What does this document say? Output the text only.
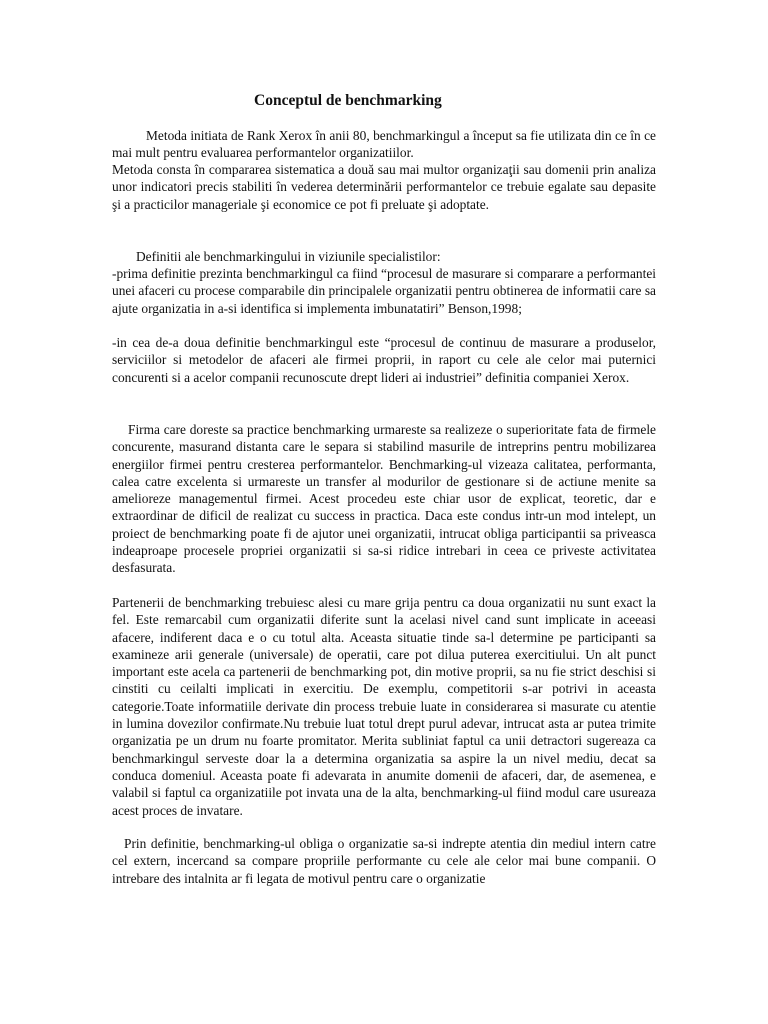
Conceptul de benchmarking

Metoda initiata de Rank Xerox în anii 80, benchmarkingul a început sa fie utilizata din ce în ce mai mult pentru evaluarea performantelor organizatiilor.

Metoda consta în compararea sistematica a două sau mai multor organizaţii sau domenii prin analiza unor indicatori precis stabiliti în vederea determinării performantelor ce trebuie egalate sau depasite şi a practicilor manageriale şi economice ce pot fi preluate şi adoptate.

Definitii ale benchmarkingului in viziunile specialistilor:

-prima definitie prezinta benchmarkingul ca fiind “procesul de masurare si comparare a performantei unei afaceri cu procese comparabile din principalele organizatii pentru obtinerea de informatii care sa ajute organizatia in a-si identifica si implementa imbunatatiri” Benson,1998;

-in cea de-a doua definitie benchmarkingul este “procesul de continuu de masurare a produselor, serviciilor si metodelor de afaceri ale firmei proprii, in raport cu cele ale celor mai puternici concurenti si a acelor companii recunoscute drept lideri ai industriei” definitia companiei Xerox.

Firma care doreste sa practice benchmarking urmareste sa realizeze o superioritate fata de firmele concurente, masurand distanta care le separa si stabilind masurile de intreprins pentru mobilizarea energiilor firmei pentru cresterea performantelor. Benchmarking-ul vizeaza calitatea, performanta, calea catre excelenta si urmareste un transfer al modurilor de gestionare si de actiune menite sa amelioreze managementul firmei. Acest procedeu este chiar usor de explicat, teoretic, dar e extraordinar de dificil de realizat cu success in practica. Daca este condus intr-un mod intelept, un proiect de benchmarking poate fi de ajutor unei organizatii, intrucat obliga participantii sa priveasca indeaproape procesele propriei organizatii si sa-si ridice intrebari in ceea ce priveste activitatea desfasurata.

Partenerii de benchmarking trebuiesc alesi cu mare grija pentru ca doua organizatii nu sunt exact la fel. Este remarcabil cum organizatii diferite sunt la acelasi nivel cand sunt implicate in aceeasi afacere, indiferent daca e o cu totul alta. Aceasta situatie tinde sa-l determine pe participanti sa examineze arii generale (universale) de operatii, care pot dilua puterea exercitiului. Un alt punct important este acela ca partenerii de benchmarking pot, din motive proprii, sa nu fie strict deschisi si cinstiti cu ceilalti implicati in exercitiu. De exemplu, competitorii s-ar potrivi in aceasta categorie.Toate informatiile derivate din process trebuie luate in considerarea si masurate cu atentie in lumina dovezilor confirmate.Nu trebuie luat totul drept purul adevar, intrucat asta ar putea trimite organizatia pe un drum nu foarte promitator. Merita subliniat faptul ca unii detractori sugereaza ca benchmarkingul serveste doar la a determina organizatia sa aspire la un nivel mediu, decat sa conduca domeniul. Aceasta poate fi adevarata in anumite domenii de afaceri, dar, de asemenea, e valabil si faptul ca organizatiile pot invata una de la alta, benchmarking-ul fiind modul care usureaza acest proces de invatare.

Prin definitie, benchmarking-ul obliga o organizatie sa-si indrepte atentia din mediul intern catre cel extern, incercand sa compare propriile performante cu cele ale celor mai bune companii. O intrebare des intalnita ar fi legata de motivul pentru care o organizatie
